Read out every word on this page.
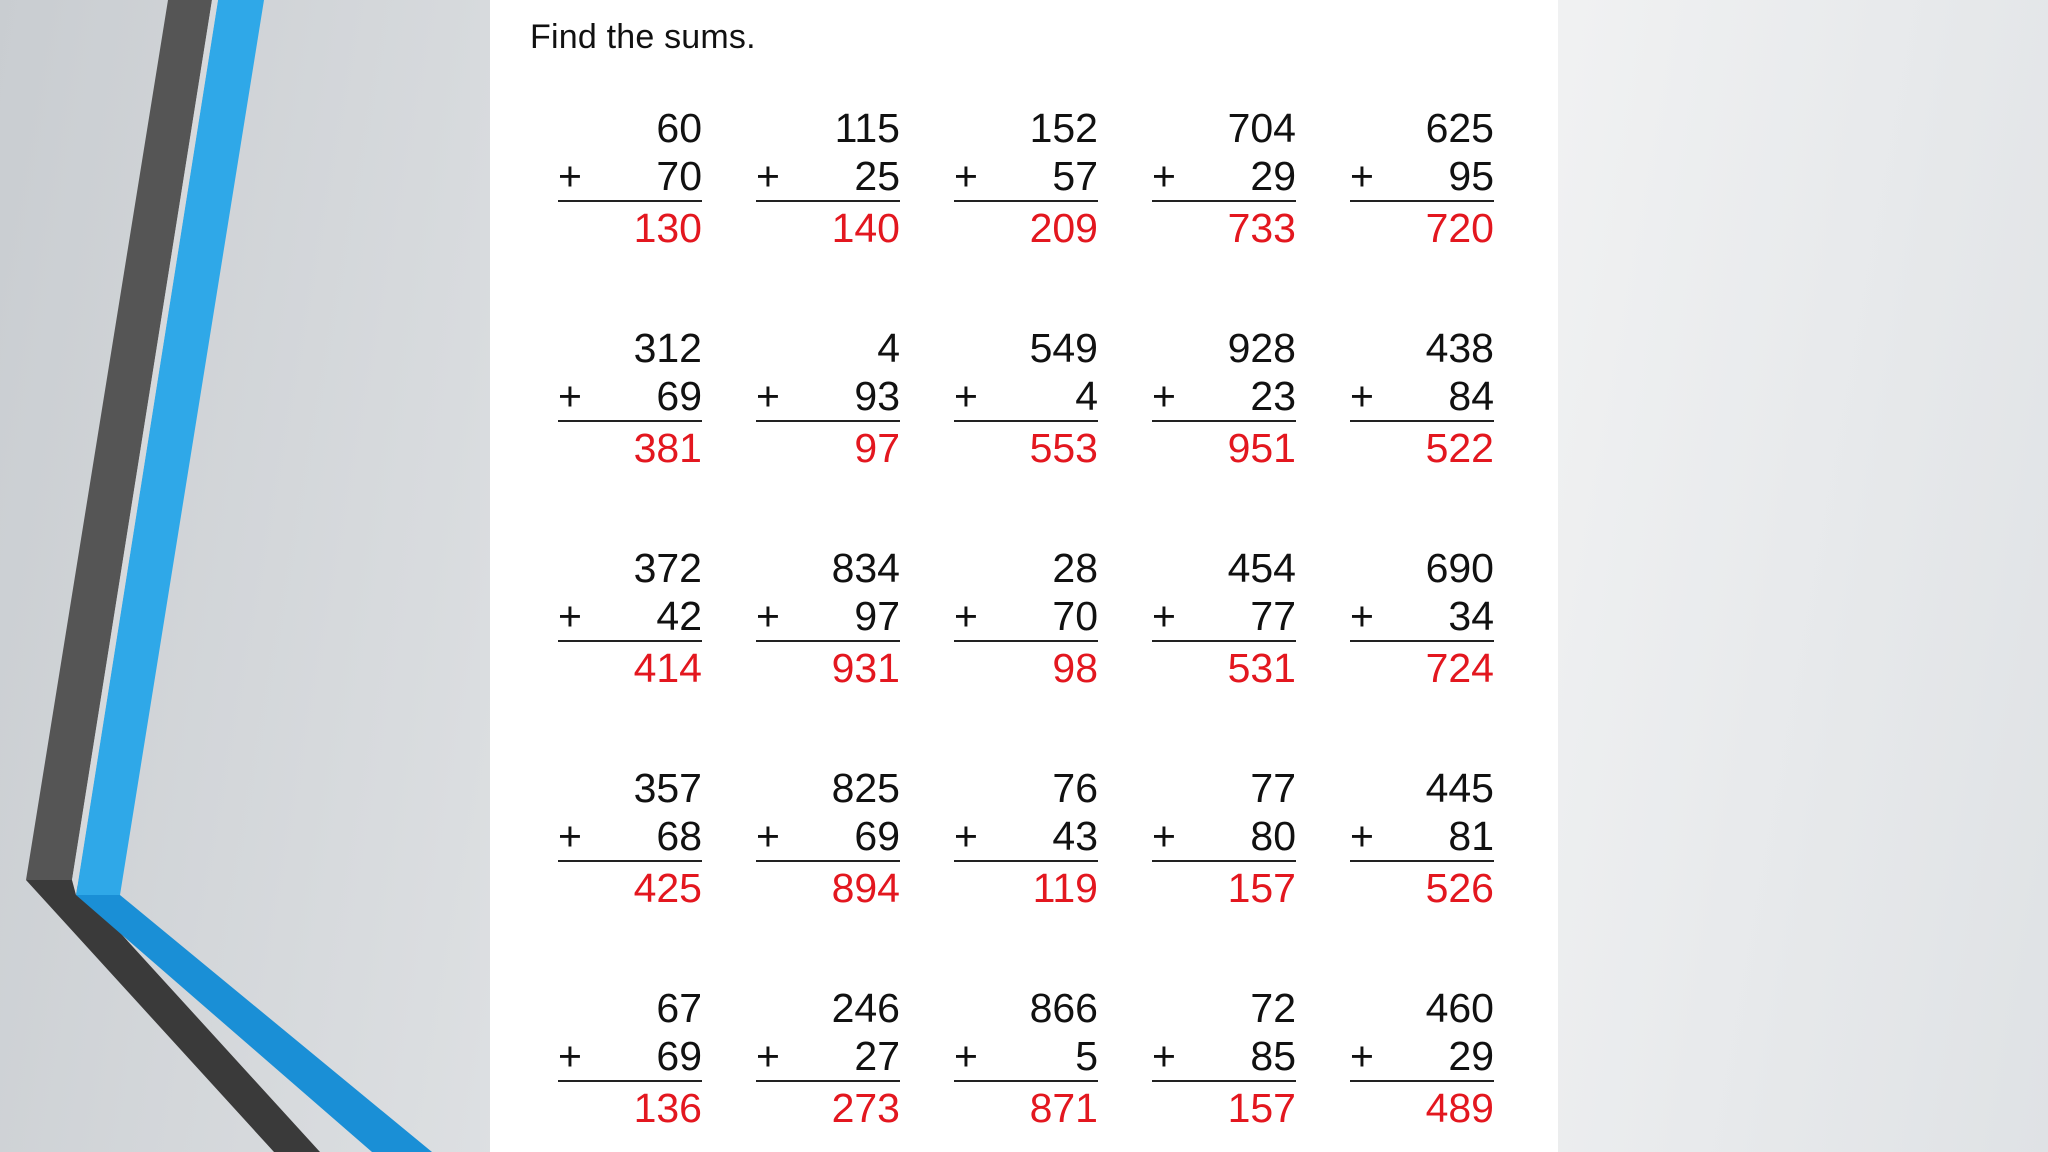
Find the sums.
60
+ 70
130
115
+ 25
140
152
+ 57
209
704
+ 29
733
625
+ 95
720
312
+ 69
381
4
+ 93
97
549
+ 4
553
928
+ 23
951
438
+ 84
522
372
+ 42
414
834
+ 97
931
28
+ 70
98
454
+ 77
531
690
+ 34
724
357
+ 68
425
825
+ 69
894
76
+ 43
119
77
+ 80
157
445
+ 81
526
67
+ 69
136
246
+ 27
273
866
+ 5
871
72
+ 85
157
460
+ 29
489
